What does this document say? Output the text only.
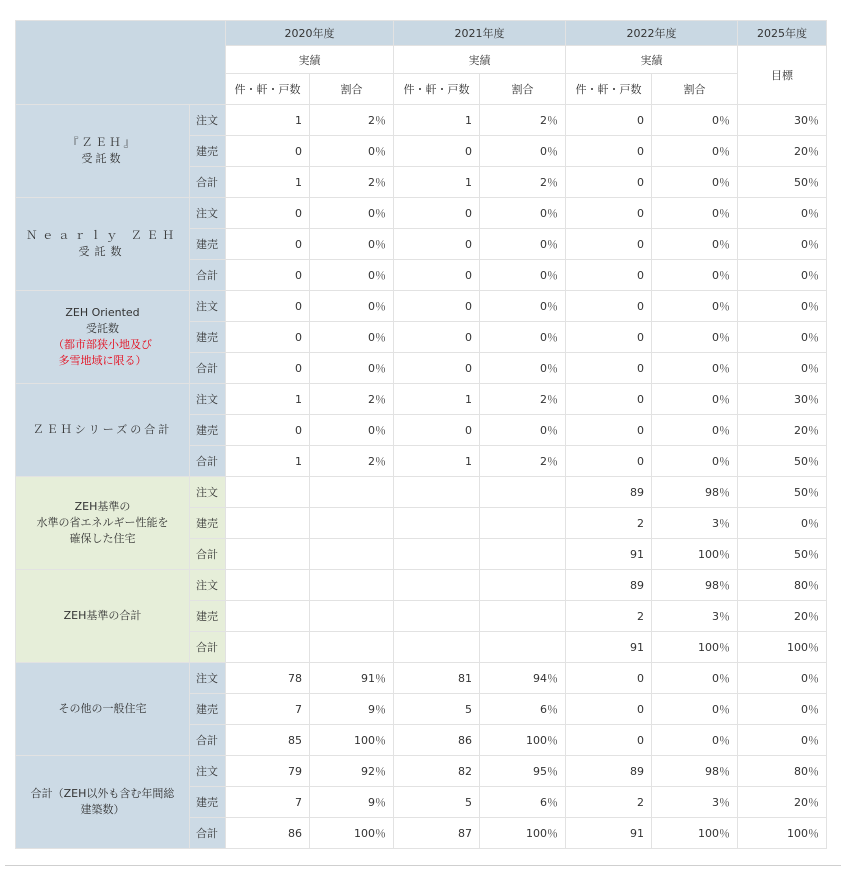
		2020年度		2021年度		2022年度		2025年度
		実績		実績		実績		目標
		件・軒・戸数	割合	件・軒・戸数	割合	件・軒・戸数	割合	

『ＺＥＨ』
受託数	注文	1	2％	1	2％	0	0％	30％
	建売	0	0％	0	0％	0	0％	20％
	合計	1	2％	1	2％	0	0％	50％

Ｎｅａｒｌｙ ＺＥＨ
受託数	注文	0	0％	0	0％	0	0％	0％
	建売	0	0％	0	0％	0	0％	0％
	合計	0	0％	0	0％	0	0％	0％

ZEH Oriented
受託数
（都市部狭小地及び
多雪地域に限る）	注文	0	0％	0	0％	0	0％	0％
	建売	0	0％	0	0％	0	0％	0％
	合計	0	0％	0	0％	0	0％	0％

ＺＥＨシリーズの合計	注文	1	2％	1	2％	0	0％	30％
	建売	0	0％	0	0％	0	0％	20％
	合計	1	2％	1	2％	0	0％	50％

ZEH基準の
水準の省エネルギー性能を
確保した住宅	注文					89	98％	50％
	建売					2	3％	0％
	合計					91	100％	50％

ZEH基準の合計	注文					89	98％	80％
	建売					2	3％	20％
	合計					91	100％	100％

その他の一般住宅	注文	78	91％	81	94％	0	0％	0％
	建売	7	9％	5	6％	0	0％	0％
	合計	85	100％	86	100％	0	0％	0％

合計（ZEH以外も含む年間総
建築数）	注文	79	92％	82	95％	89	98％	80％
	建売	7	9％	5	6％	2	3％	20％
	合計	86	100％	87	100％	91	100％	100％
